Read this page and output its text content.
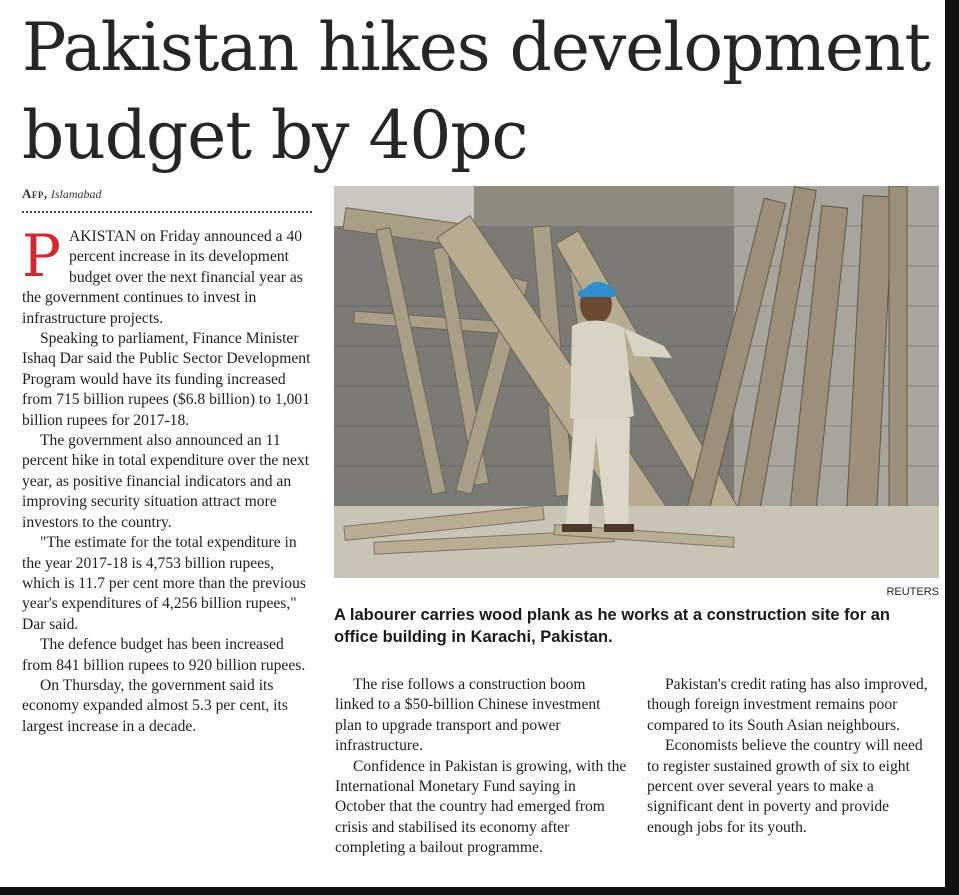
Pakistan hikes development budget by 40pc
Afp, Islamabad

PAKISTAN on Friday announced a 40 percent increase in its development budget over the next financial year as the government continues to invest in infrastructure projects.

Speaking to parliament, Finance Minister Ishaq Dar said the Public Sector Development Program would have its funding increased from 715 billion rupees ($6.8 billion) to 1,001 billion rupees for 2017-18.

The government also announced an 11 percent hike in total expenditure over the next year, as positive financial indicators and an improving security situation attract more investors to the country.

"The estimate for the total expenditure in the year 2017-18 is 4,753 billion rupees, which is 11.7 per cent more than the previous year's expenditures of 4,256 billion rupees," Dar said.

The defence budget has been increased from 841 billion rupees to 920 billion rupees.

On Thursday, the government said its economy expanded almost 5.3 per cent, its largest increase in a decade.

REUTERS
A labourer carries wood plank as he works at a construction site for an office building in Karachi, Pakistan.

The rise follows a construction boom linked to a $50-billion Chinese investment plan to upgrade transport and power infrastructure.

Confidence in Pakistan is growing, with the International Monetary Fund saying in October that the country had emerged from crisis and stabilised its economy after completing a bailout programme.

Pakistan's credit rating has also improved, though foreign investment remains poor compared to its South Asian neighbours.

Economists believe the country will need to register sustained growth of six to eight percent over several years to make a significant dent in poverty and provide enough jobs for its youth.
